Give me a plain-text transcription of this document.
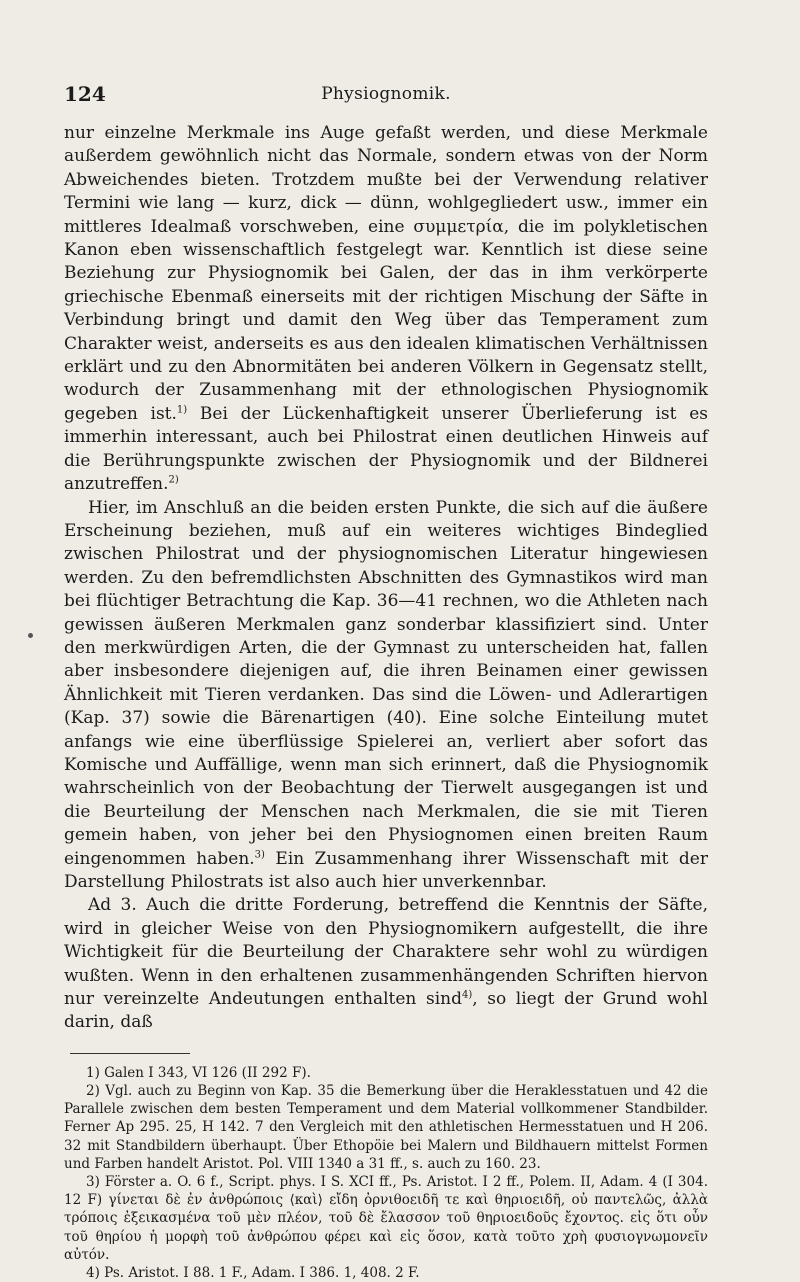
124	Physiognomik.

nur einzelne Merkmale ins Auge gefaßt werden, und diese Merkmale außerdem gewöhnlich nicht das Normale, sondern etwas von der Norm Abweichendes bieten. Trotzdem mußte bei der Verwendung relativer Termini wie lang — kurz, dick — dünn, wohlgegliedert usw., immer ein mittleres Idealmaß vorschweben, eine συμμετρία, die im polykletischen Kanon eben wissenschaftlich festgelegt war. Kenntlich ist diese seine Beziehung zur Physiognomik bei Galen, der das in ihm verkörperte griechische Ebenmaß einerseits mit der richtigen Mischung der Säfte in Verbindung bringt und damit den Weg über das Temperament zum Charakter weist, anderseits es aus den idealen klimatischen Verhältnissen erklärt und zu den Abnormitäten bei anderen Völkern in Gegensatz stellt, wodurch der Zusammenhang mit der ethnologischen Physiognomik gegeben ist.$^{1)}$ Bei der Lückenhaftigkeit unserer Überlieferung ist es immerhin interessant, auch bei Philostrat einen deutlichen Hinweis auf die Berührungspunkte zwischen der Physiognomik und der Bildnerei anzutreffen.$^{2)}$

Hier, im Anschluß an die beiden ersten Punkte, die sich auf die äußere Erscheinung beziehen, muß auf ein weiteres wichtiges Bindeglied zwischen Philostrat und der physiognomischen Literatur hingewiesen werden. Zu den befremdlichsten Abschnitten des Gymnastikos wird man bei flüchtiger Betrachtung die Kap. 36—41 rechnen, wo die Athleten nach gewissen äußeren Merkmalen ganz sonderbar klassifiziert sind. Unter den merkwürdigen Arten, die der Gymnast zu unterscheiden hat, fallen aber insbesondere diejenigen auf, die ihren Beinamen einer gewissen Ähnlichkeit mit Tieren verdanken. Das sind die Löwen- und Adlerartigen (Kap. 37) sowie die Bärenartigen (40). Eine solche Einteilung mutet anfangs wie eine überflüssige Spielerei an, verliert aber sofort das Komische und Auffällige, wenn man sich erinnert, daß die Physiognomik wahrscheinlich von der Beobachtung der Tierwelt ausgegangen ist und die Beurteilung der Menschen nach Merkmalen, die sie mit Tieren gemein haben, von jeher bei den Physiognomen einen breiten Raum eingenommen haben.$^{3)}$ Ein Zusammenhang ihrer Wissenschaft mit der Darstellung Philostrats ist also auch hier unverkennbar.

Ad 3. Auch die dritte Forderung, betreffend die Kenntnis der Säfte, wird in gleicher Weise von den Physiognomikern aufgestellt, die ihre Wichtigkeit für die Beurteilung der Charaktere sehr wohl zu würdigen wußten. Wenn in den erhaltenen zusammenhängenden Schriften hiervon nur vereinzelte Andeutungen enthalten sind$^{4)}$, so liegt der Grund wohl darin, daß

1) Galen I 343, VI 126 (II 292 F).

2) Vgl. auch zu Beginn von Kap. 35 die Bemerkung über die Heraklesstatuen und 42 die Parallele zwischen dem besten Temperament und dem Material vollkommener Standbilder. Ferner Ap 295. 25, H 142. 7 den Vergleich mit den athletischen Hermesstatuen und H 206. 32 mit Standbildern überhaupt. Über Ethopöie bei Malern und Bildhauern mittelst Formen und Farben handelt Aristot. Pol. VIII 1340 a 31 ff., s. auch zu 160. 23.

3) Förster a. O. 6 f., Script. phys. I S. XCI ff., Ps. Aristot. I 2 ff., Polem. II, Adam. 4 (I 304. 12 F) γίνεται δὲ ἐν ἀνθρώποις ⟨καὶ⟩ εἴδη ὀρνιθοειδῆ τε καὶ θηριοειδῆ, οὐ παντελῶς, ἀλλὰ τρόποις ἐξεικασμένα τοῦ μὲν πλέον, τοῦ δὲ ἔλασσον τοῦ θηριοειδοῦς ἔχοντος. εἰς ὅτι οὖν τοῦ θηρίου ἡ μορφὴ τοῦ ἀνθρώπου φέρει καὶ εἰς ὅσον, κατὰ τοῦτο χρὴ φυσιογνωμονεῖν αὐτόν.

4) Ps. Aristot. I 88. 1 F., Adam. I 386. 1, 408. 2 F.
